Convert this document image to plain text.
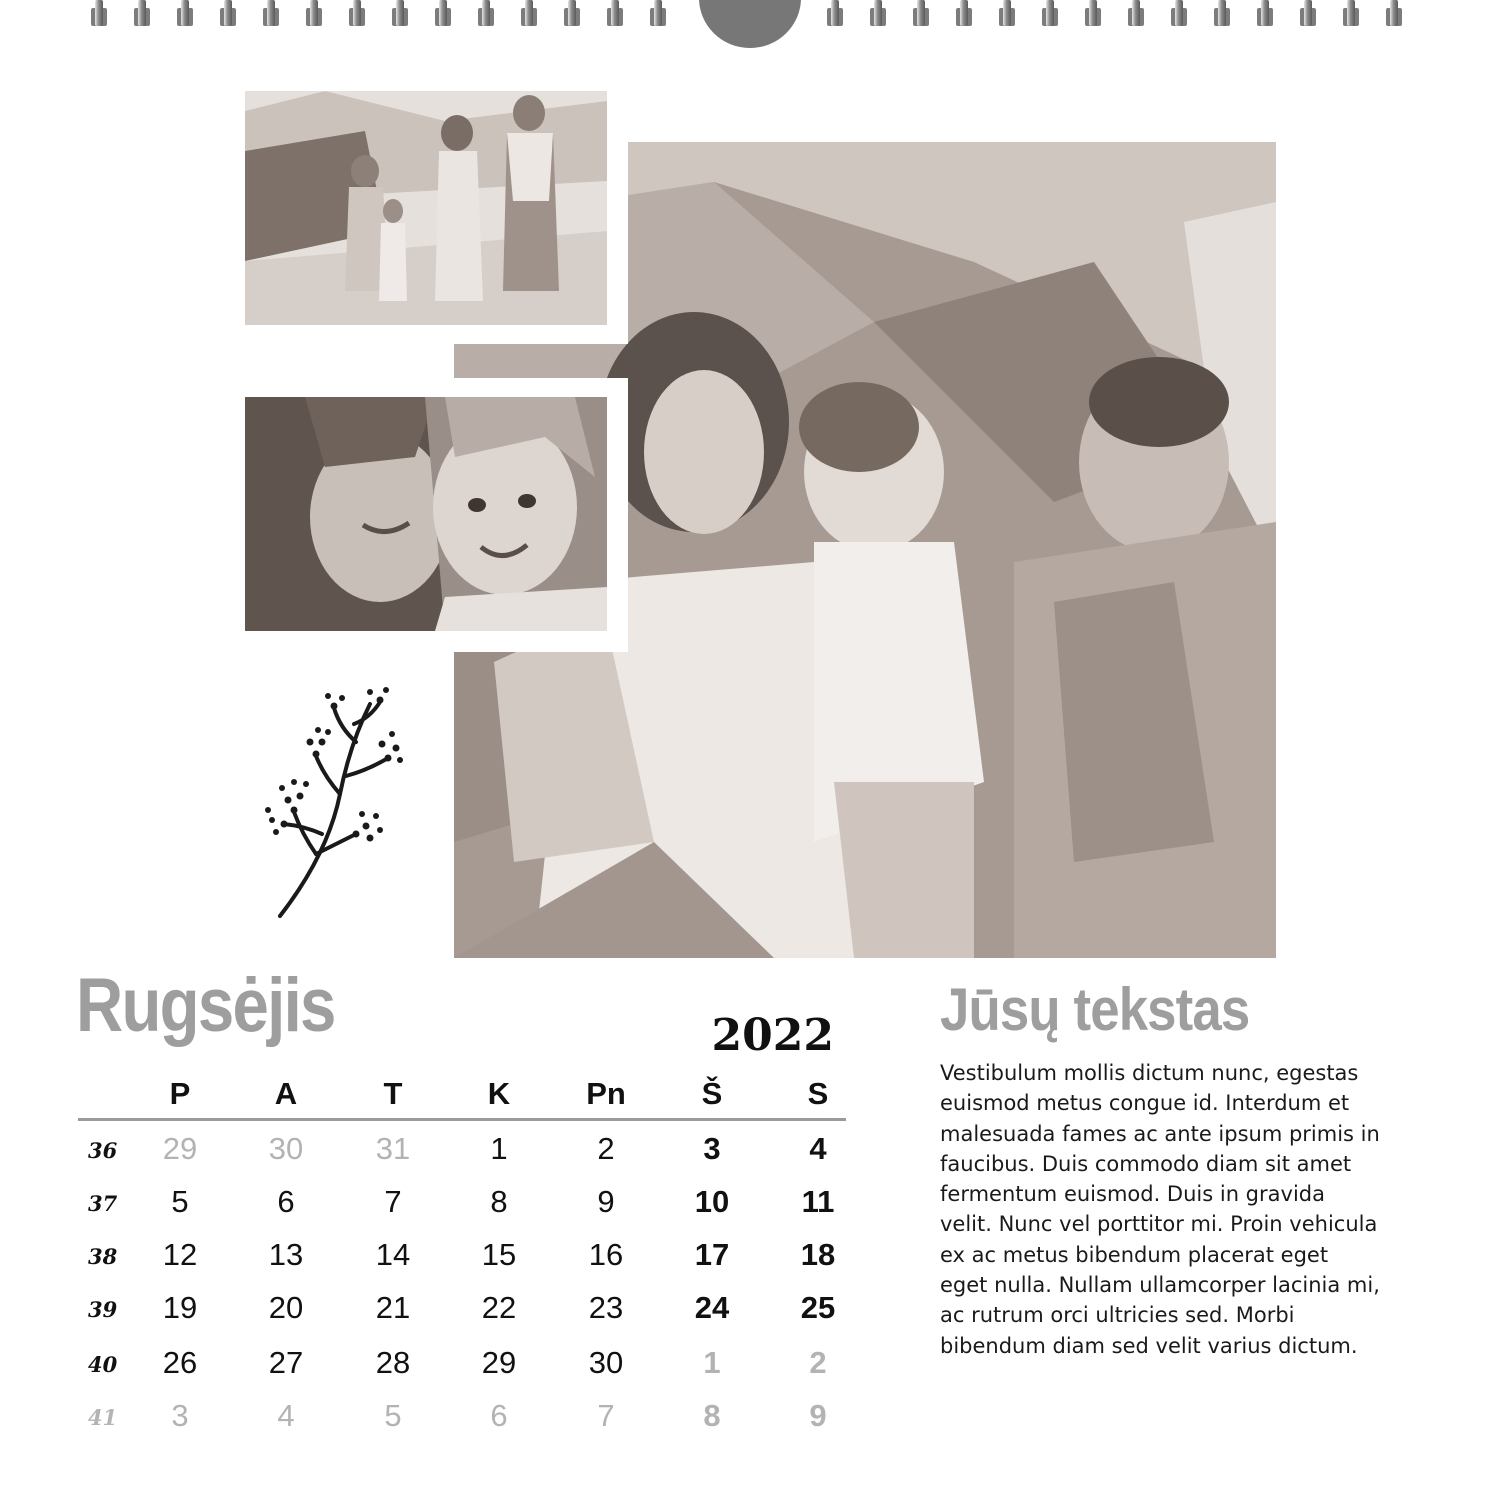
Rugsėjis	2022
P	A	T	K	Pn	Š	S
36	29	30	31	1	2	3	4
37	5	6	7	8	9	10	11
38	12	13	14	15	16	17	18
39	19	20	21	22	23	24	25
40	26	27	28	29	30	1	2
41	3	4	5	6	7	8	9
Jūsų tekstas
Vestibulum mollis dictum nunc, egestas euismod metus congue id. Interdum et malesuada fames ac ante ipsum primis in faucibus. Duis commodo diam sit amet fermentum euismod. Duis in gravida velit. Nunc vel porttitor mi. Proin vehicula ex ac metus bibendum placerat eget eget nulla. Nullam ullamcorper lacinia mi, ac rutrum orci ultricies sed. Morbi bibendum diam sed velit varius dictum.
